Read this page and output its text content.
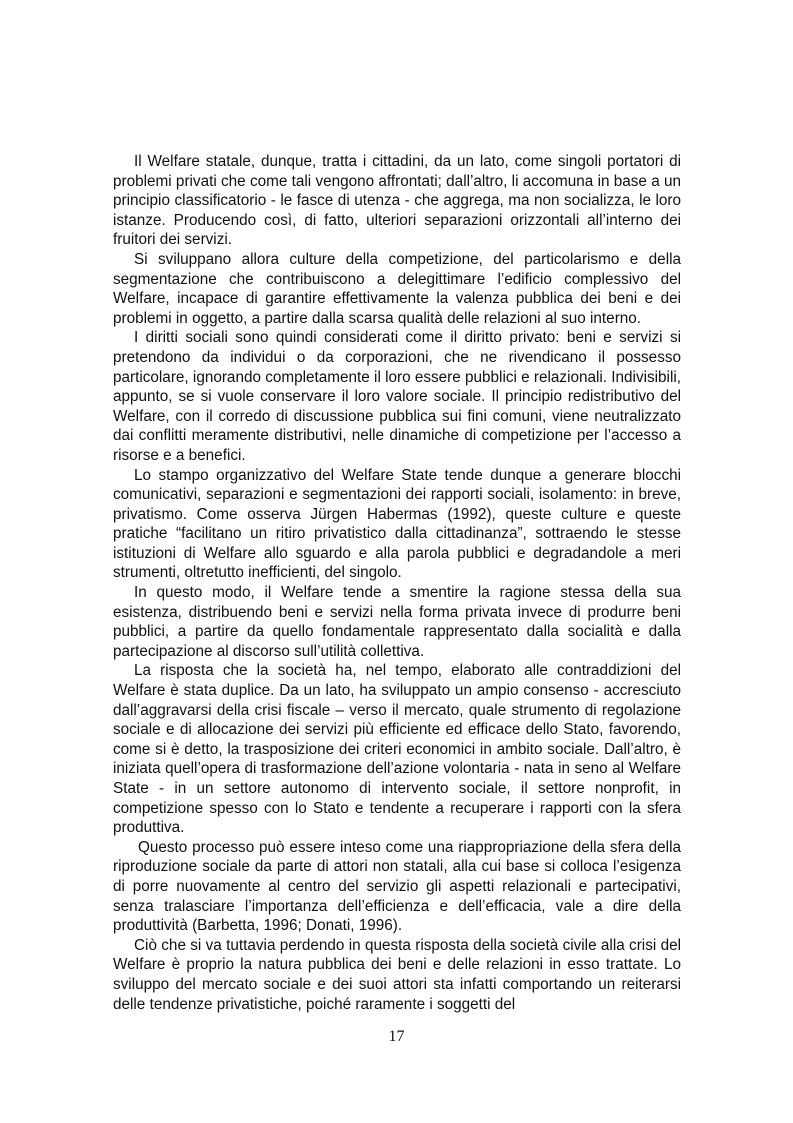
Il Welfare statale, dunque, tratta i cittadini, da un lato, come singoli portatori di problemi privati che come tali vengono affrontati; dall’altro, li accomuna in base a un principio classificatorio - le fasce di utenza - che aggrega, ma non socializza, le loro istanze. Producendo così, di fatto, ulteriori separazioni orizzontali all’interno dei fruitori dei servizi.

Si sviluppano allora culture della competizione, del particolarismo e della segmentazione che contribuiscono a delegittimare l’edificio complessivo del Welfare, incapace di garantire effettivamente la valenza pubblica dei beni e dei problemi in oggetto, a partire dalla scarsa qualità delle relazioni al suo interno.

I diritti sociali sono quindi considerati come il diritto privato: beni e servizi si pretendono da individui o da corporazioni, che ne rivendicano il possesso particolare, ignorando completamente il loro essere pubblici e relazionali. Indivisibili, appunto, se si vuole conservare il loro valore sociale. Il principio redistributivo del Welfare, con il corredo di discussione pubblica sui fini comuni, viene neutralizzato dai conflitti meramente distributivi, nelle dinamiche di competizione per l’accesso a risorse e a benefici.

Lo stampo organizzativo del Welfare State tende dunque a generare blocchi comunicativi, separazioni e segmentazioni dei rapporti sociali, isolamento: in breve, privatismo. Come osserva Jürgen Habermas (1992), queste culture e queste pratiche “facilitano un ritiro privatistico dalla cittadinanza”, sottraendo le stesse istituzioni di Welfare allo sguardo e alla parola pubblici e degradandole a meri strumenti, oltretutto inefficienti, del singolo.

In questo modo, il Welfare tende a smentire la ragione stessa della sua esistenza, distribuendo beni e servizi nella forma privata invece di produrre beni pubblici, a partire da quello fondamentale rappresentato dalla socialità e dalla partecipazione al discorso sull’utilità collettiva.

La risposta che la società ha, nel tempo, elaborato alle contraddizioni del Welfare è stata duplice. Da un lato, ha sviluppato un ampio consenso - accresciuto dall’aggravarsi della crisi fiscale – verso il mercato, quale strumento di regolazione sociale e di allocazione dei servizi più efficiente ed efficace dello Stato, favorendo, come si è detto, la trasposizione dei criteri economici in ambito sociale. Dall’altro, è iniziata quell’opera di trasformazione dell’azione volontaria - nata in seno al Welfare State - in un settore autonomo di intervento sociale, il settore nonprofit, in competizione spesso con lo Stato e tendente a recuperare i rapporti con la sfera produttiva.

Questo processo può essere inteso come una riappropriazione della sfera della riproduzione sociale da parte di attori non statali, alla cui base si colloca l’esigenza di porre nuovamente al centro del servizio gli aspetti relazionali e partecipativi, senza tralasciare l’importanza dell’efficienza e dell’efficacia, vale a dire della produttività (Barbetta, 1996; Donati, 1996).

Ciò che si va tuttavia perdendo in questa risposta della società civile alla crisi del Welfare è proprio la natura pubblica dei beni e delle relazioni in esso trattate. Lo sviluppo del mercato sociale e dei suoi attori sta infatti comportando un reiterarsi delle tendenze privatistiche, poiché raramente i soggetti del

17
